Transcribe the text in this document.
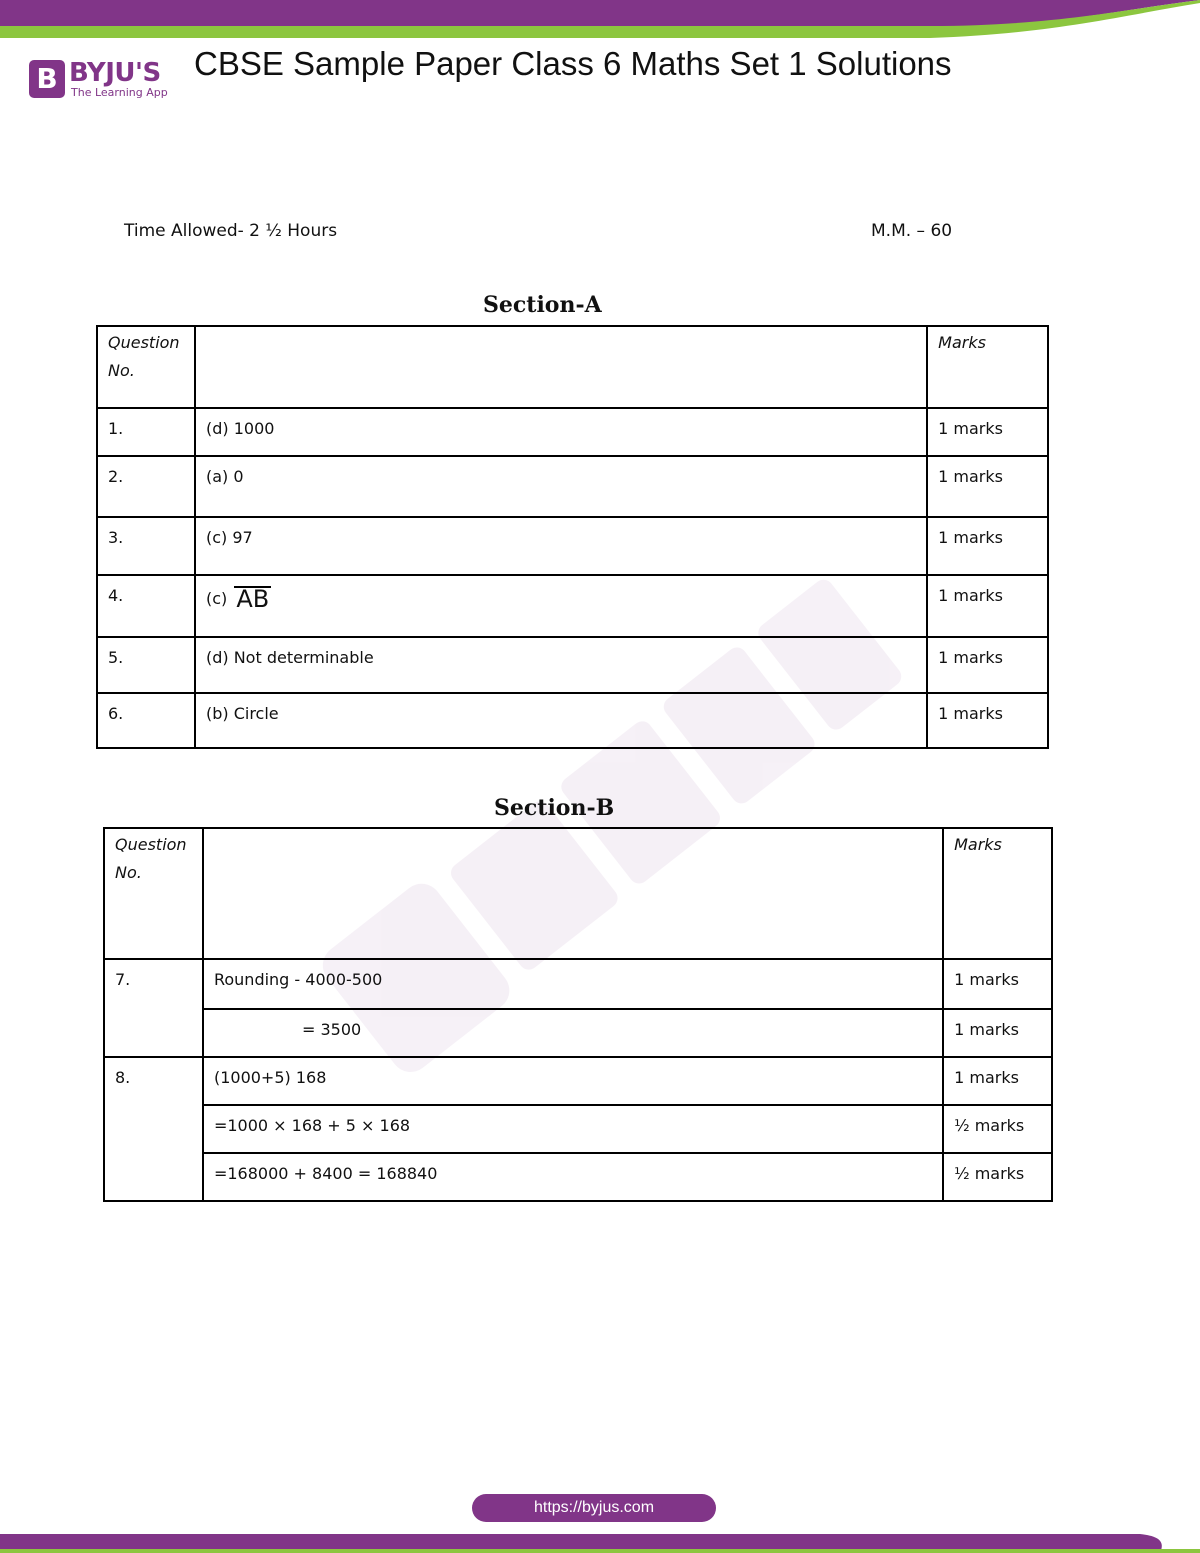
B BYJU'S
The Learning App
CBSE Sample Paper Class 6 Maths Set 1 Solutions
Time Allowed- 2 ½ Hours	M.M. – 60
Section-A
Question No.		Marks
1.	(d) 1000	1 marks
2.	(a) 0	1 marks
3.	(c) 97	1 marks
4.	(c) AB	1 marks
5.	(d) Not determinable	1 marks
6.	(b) Circle	1 marks
Section-B
Question No.		Marks
7.	Rounding - 4000-500	1 marks
	= 3500	1 marks
8.	(1000+5) 168	1 marks
	=1000 × 168 + 5 × 168	½ marks
	=168000 + 8400 = 168840	½ marks
https://byjus.com
